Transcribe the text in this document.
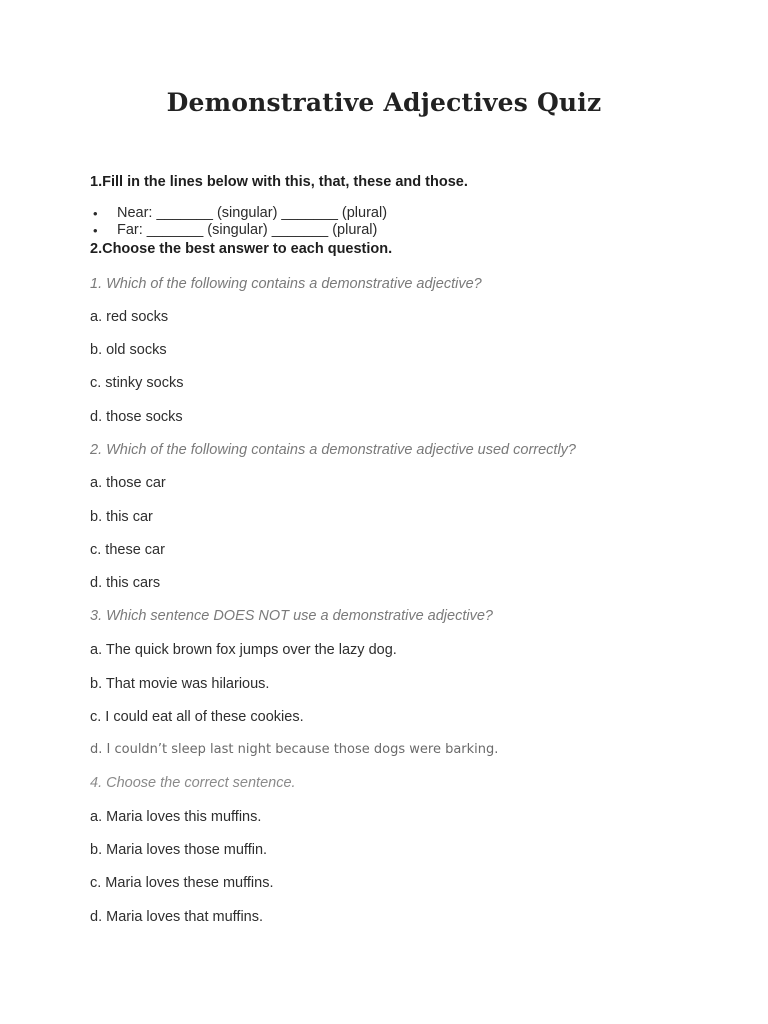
Demonstrative Adjectives Quiz

1.Fill in the lines below with this, that, these and those.

• Near: _______ (singular) _______ (plural)
• Far: _______ (singular) _______ (plural)

2.Choose the best answer to each question.

1. Which of the following contains a demonstrative adjective?

a. red socks

b. old socks

c. stinky socks

d. those socks

2. Which of the following contains a demonstrative adjective used correctly?

a. those car

b. this car

c. these car

d. this cars

3. Which sentence DOES NOT use a demonstrative adjective?

a. The quick brown fox jumps over the lazy dog.

b. That movie was hilarious.

c. I could eat all of these cookies.

d. I couldn’t sleep last night because those dogs were barking.

4. Choose the correct sentence.

a. Maria loves this muffins.

b. Maria loves those muffin.

c. Maria loves these muffins.

d. Maria loves that muffins.
